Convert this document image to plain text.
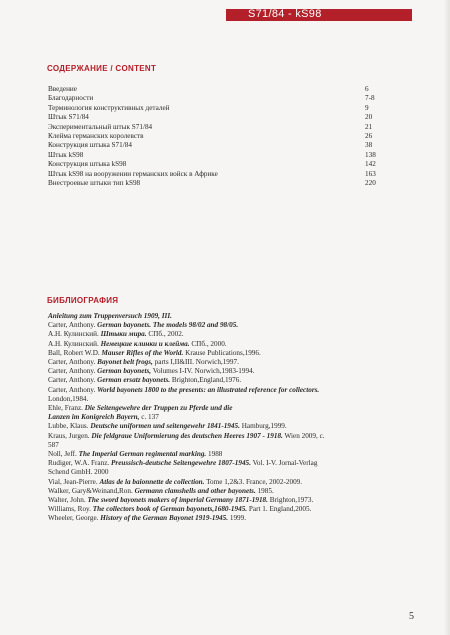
S71/84 - kS98
СОДЕРЖАНИЕ / CONTENT
Введение	6
Благодарности	7-8
Терминология конструктивных деталей	9
Штык S71/84	20
Экспериментальный штык S71/84	21
Клейма германских королевств	26
Конструкция штыка S71/84	38
Штык kS98	138
Конструкция штыка kS98	142
Штык kS98 на вооружении германских войск в Африке	163
Внестроевые штыки тип kS98	220
БИБЛИОГРАФИЯ
Anleitung zum Truppenversuch 1909, III.
Carter, Anthony. German bayonets. The models 98/02 and 98/05.
А.Н. Кулинский. Штыки мира. СПб., 2002.
А.Н. Кулинский. Немецкие клинки и клейма. СПб., 2000.
Ball, Robert W.D. Mauser Rifles of the World. Krause Publications,1996.
Carter, Anthony. Bayonet belt frogs, parts I,II&III. Norwich,1997.
Carter, Anthony. German bayonets, Volumes I-IV. Norwich,1983-1994.
Carter, Anthony. German ersatz bayonets. Brighton,England,1976.
Carter, Anthony. World bayonets 1800 to the presents: an illustrated reference for collectors.
London,1984.
Ehle, Franz. Die Seitengewehre der Truppen zu Pferde und die
Lanzen im Konigreich Bayern, с. 137
Lubbe, Klaus. Deutsche uniformen und seitengewehr 1841-1945. Hamburg,1999.
Kraus, Jurgen. Die feldgraue Uniformierung des deutschen Heeres 1907 - 1918. Wien 2009, с.
587
Noll, Jeff. The Imperial German regimental marking. 1988
Rudiger, W.A. Franz. Preussisch-deutsche Seitengewehre 1807-1945. Vol. I-V. Jornal-Verlag
Schend GmbH. 2000
Vial, Jean-Pierre. Atlas de la baionnette de collection. Tome 1,2&3. France, 2002-2009.
Walker, Gary&Weinand,Ron. Germann clamshells and other bayonets. 1985.
Walter, John. The sword bayonets makers of imperial Germany 1871-1918. Brighton,1973.
Williams, Roy. The collectors book of German bayonets,1680-1945. Part 1. England,2005.
Wheeler, George. History of the German Bayonet 1919-1945. 1999.
5
